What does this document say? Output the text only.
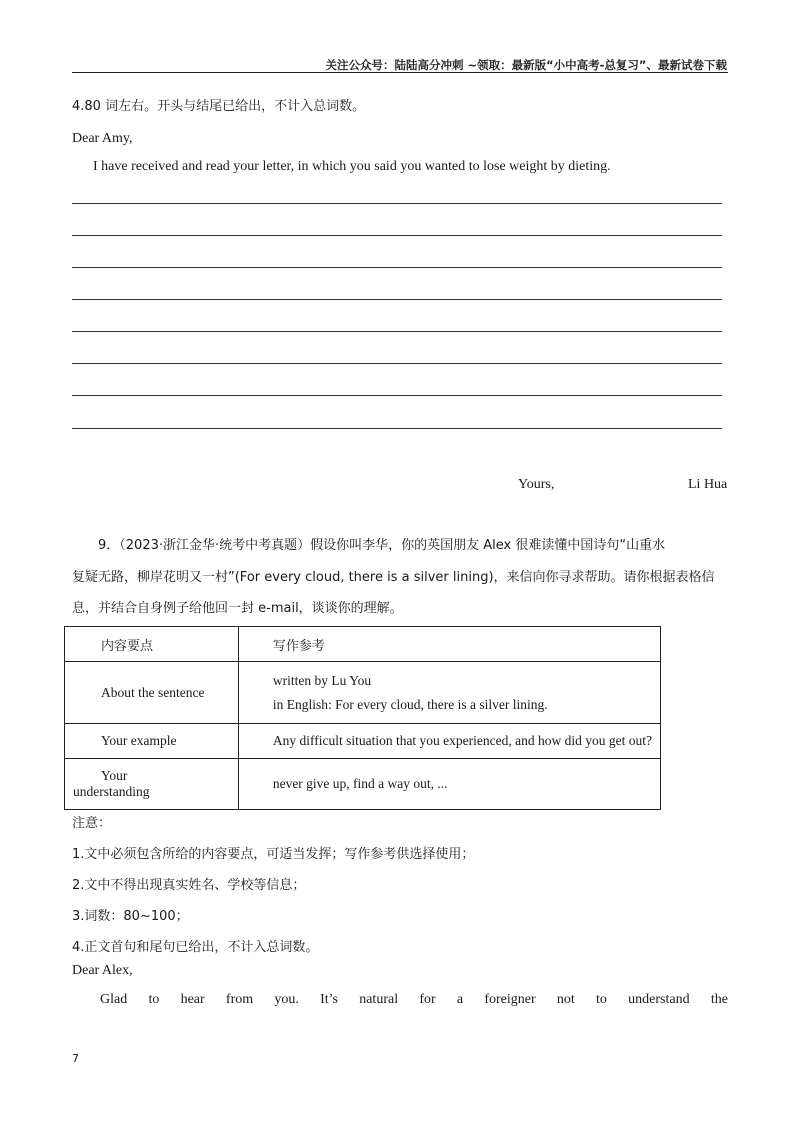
关注公众号：陆陆高分冲刺 ~领取：最新版“小中高考-总复习”、最新试卷下载
4.80 词左右。开头与结尾已给出，不计入总词数。
Dear Amy,
I have received and read your letter, in which you said you wanted to lose weight by dieting.
Yours,	Li Hua
9．（2023·浙江金华·统考中考真题）假设你叫李华，你的英国朋友 Alex 很难读懂中国诗句“山重水
复疑无路，柳岸花明又一村”(For every cloud, there is a silver lining)，来信向你寻求帮助。请你根据表格信
息，并结合自身例子给他回一封 e-mail，谈谈你的理解。
内容要点	写作参考
About the sentence	written by Lu You
in English: For every cloud, there is a silver lining.

Your example	Any difficult situation that you experienced, and how did you get out?

Your
understanding	never give up, find a way out, ...
注意：
1.文中必须包含所给的内容要点，可适当发挥；写作参考供选择使用；
2.文中不得出现真实姓名、学校等信息；
3.词数：80~100；
4.正文首句和尾句已给出，不计入总词数。
Dear Alex,
Glad to hear from you. It’s natural for a foreigner not to understand the
7
